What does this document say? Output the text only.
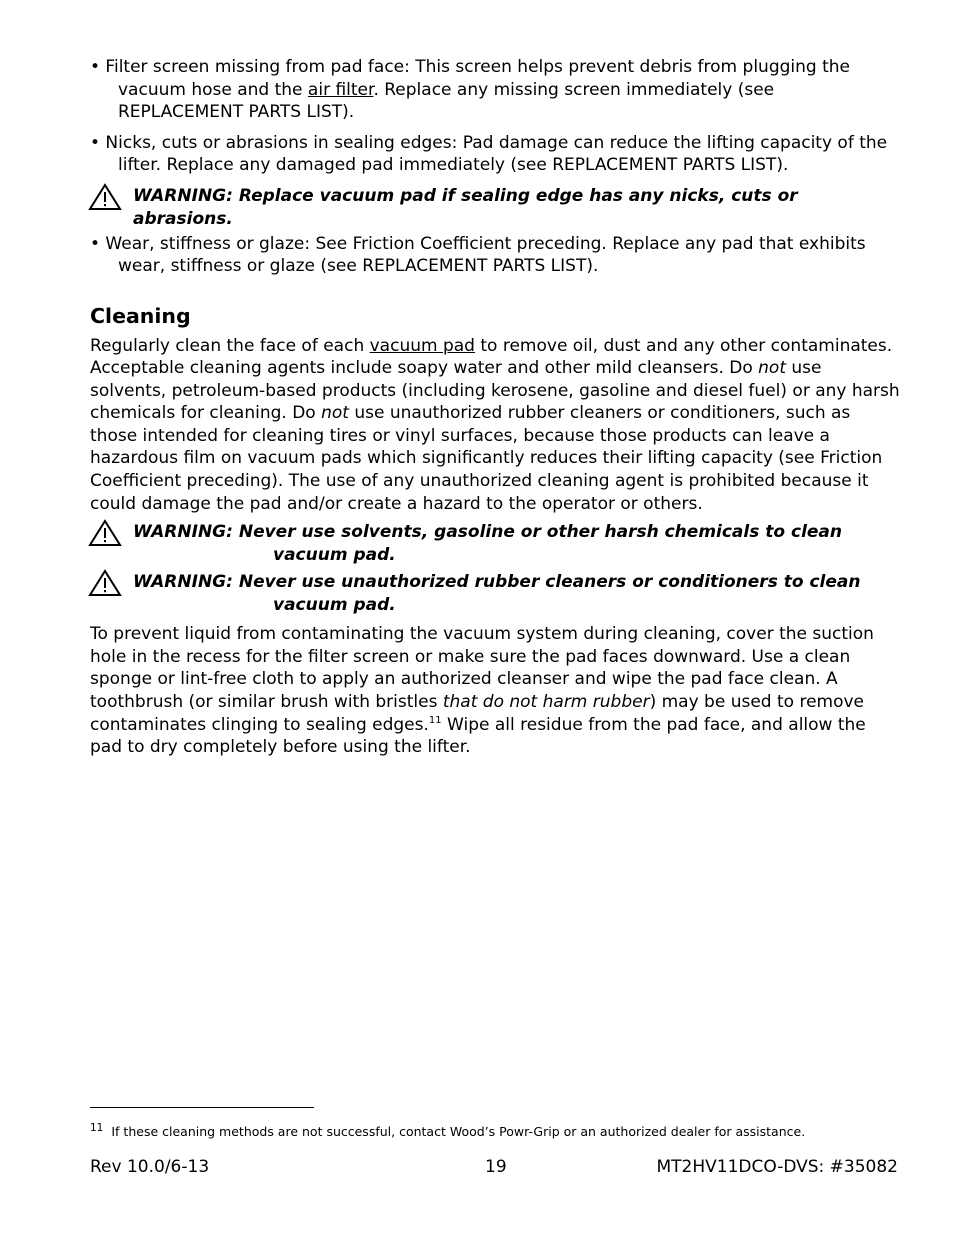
• Filter screen missing from pad face: This screen helps prevent debris from plugging the vacuum hose and the air filter. Replace any missing screen immediately (see REPLACEMENT PARTS LIST).

• Nicks, cuts or abrasions in sealing edges: Pad damage can reduce the lifting capacity of the lifter. Replace any damaged pad immediately (see REPLACEMENT PARTS LIST).

WARNING: Replace vacuum pad if sealing edge has any nicks, cuts or abrasions.

• Wear, stiffness or glaze: See Friction Coefficient preceding. Replace any pad that exhibits wear, stiffness or glaze (see REPLACEMENT PARTS LIST).

Cleaning

Regularly clean the face of each vacuum pad to remove oil, dust and any other contaminates. Acceptable cleaning agents include soapy water and other mild cleansers. Do not use solvents, petroleum-based products (including kerosene, gasoline and diesel fuel) or any harsh chemicals for cleaning. Do not use unauthorized rubber cleaners or conditioners, such as those intended for cleaning tires or vinyl surfaces, because those products can leave a hazardous film on vacuum pads which significantly reduces their lifting capacity (see Friction Coefficient preceding). The use of any unauthorized cleaning agent is prohibited because it could damage the pad and/or create a hazard to the operator or others.

WARNING: Never use solvents, gasoline or other harsh chemicals to clean
vacuum pad.
WARNING: Never use unauthorized rubber cleaners or conditioners to clean
vacuum pad.

To prevent liquid from contaminating the vacuum system during cleaning, cover the suction hole in the recess for the filter screen or make sure the pad faces downward. Use a clean sponge or lint-free cloth to apply an authorized cleanser and wipe the pad face clean. A toothbrush (or similar brush with bristles that do not harm rubber) may be used to remove contaminates clinging to sealing edges.$^{11}$ Wipe all residue from the pad face, and allow the pad to dry completely before using the lifter.

$^{11}$ If these cleaning methods are not successful, contact Wood’s Powr-Grip or an authorized dealer for assistance.
Rev 10.0/6-13	19	MT2HV11DCO-DVS: #35082
